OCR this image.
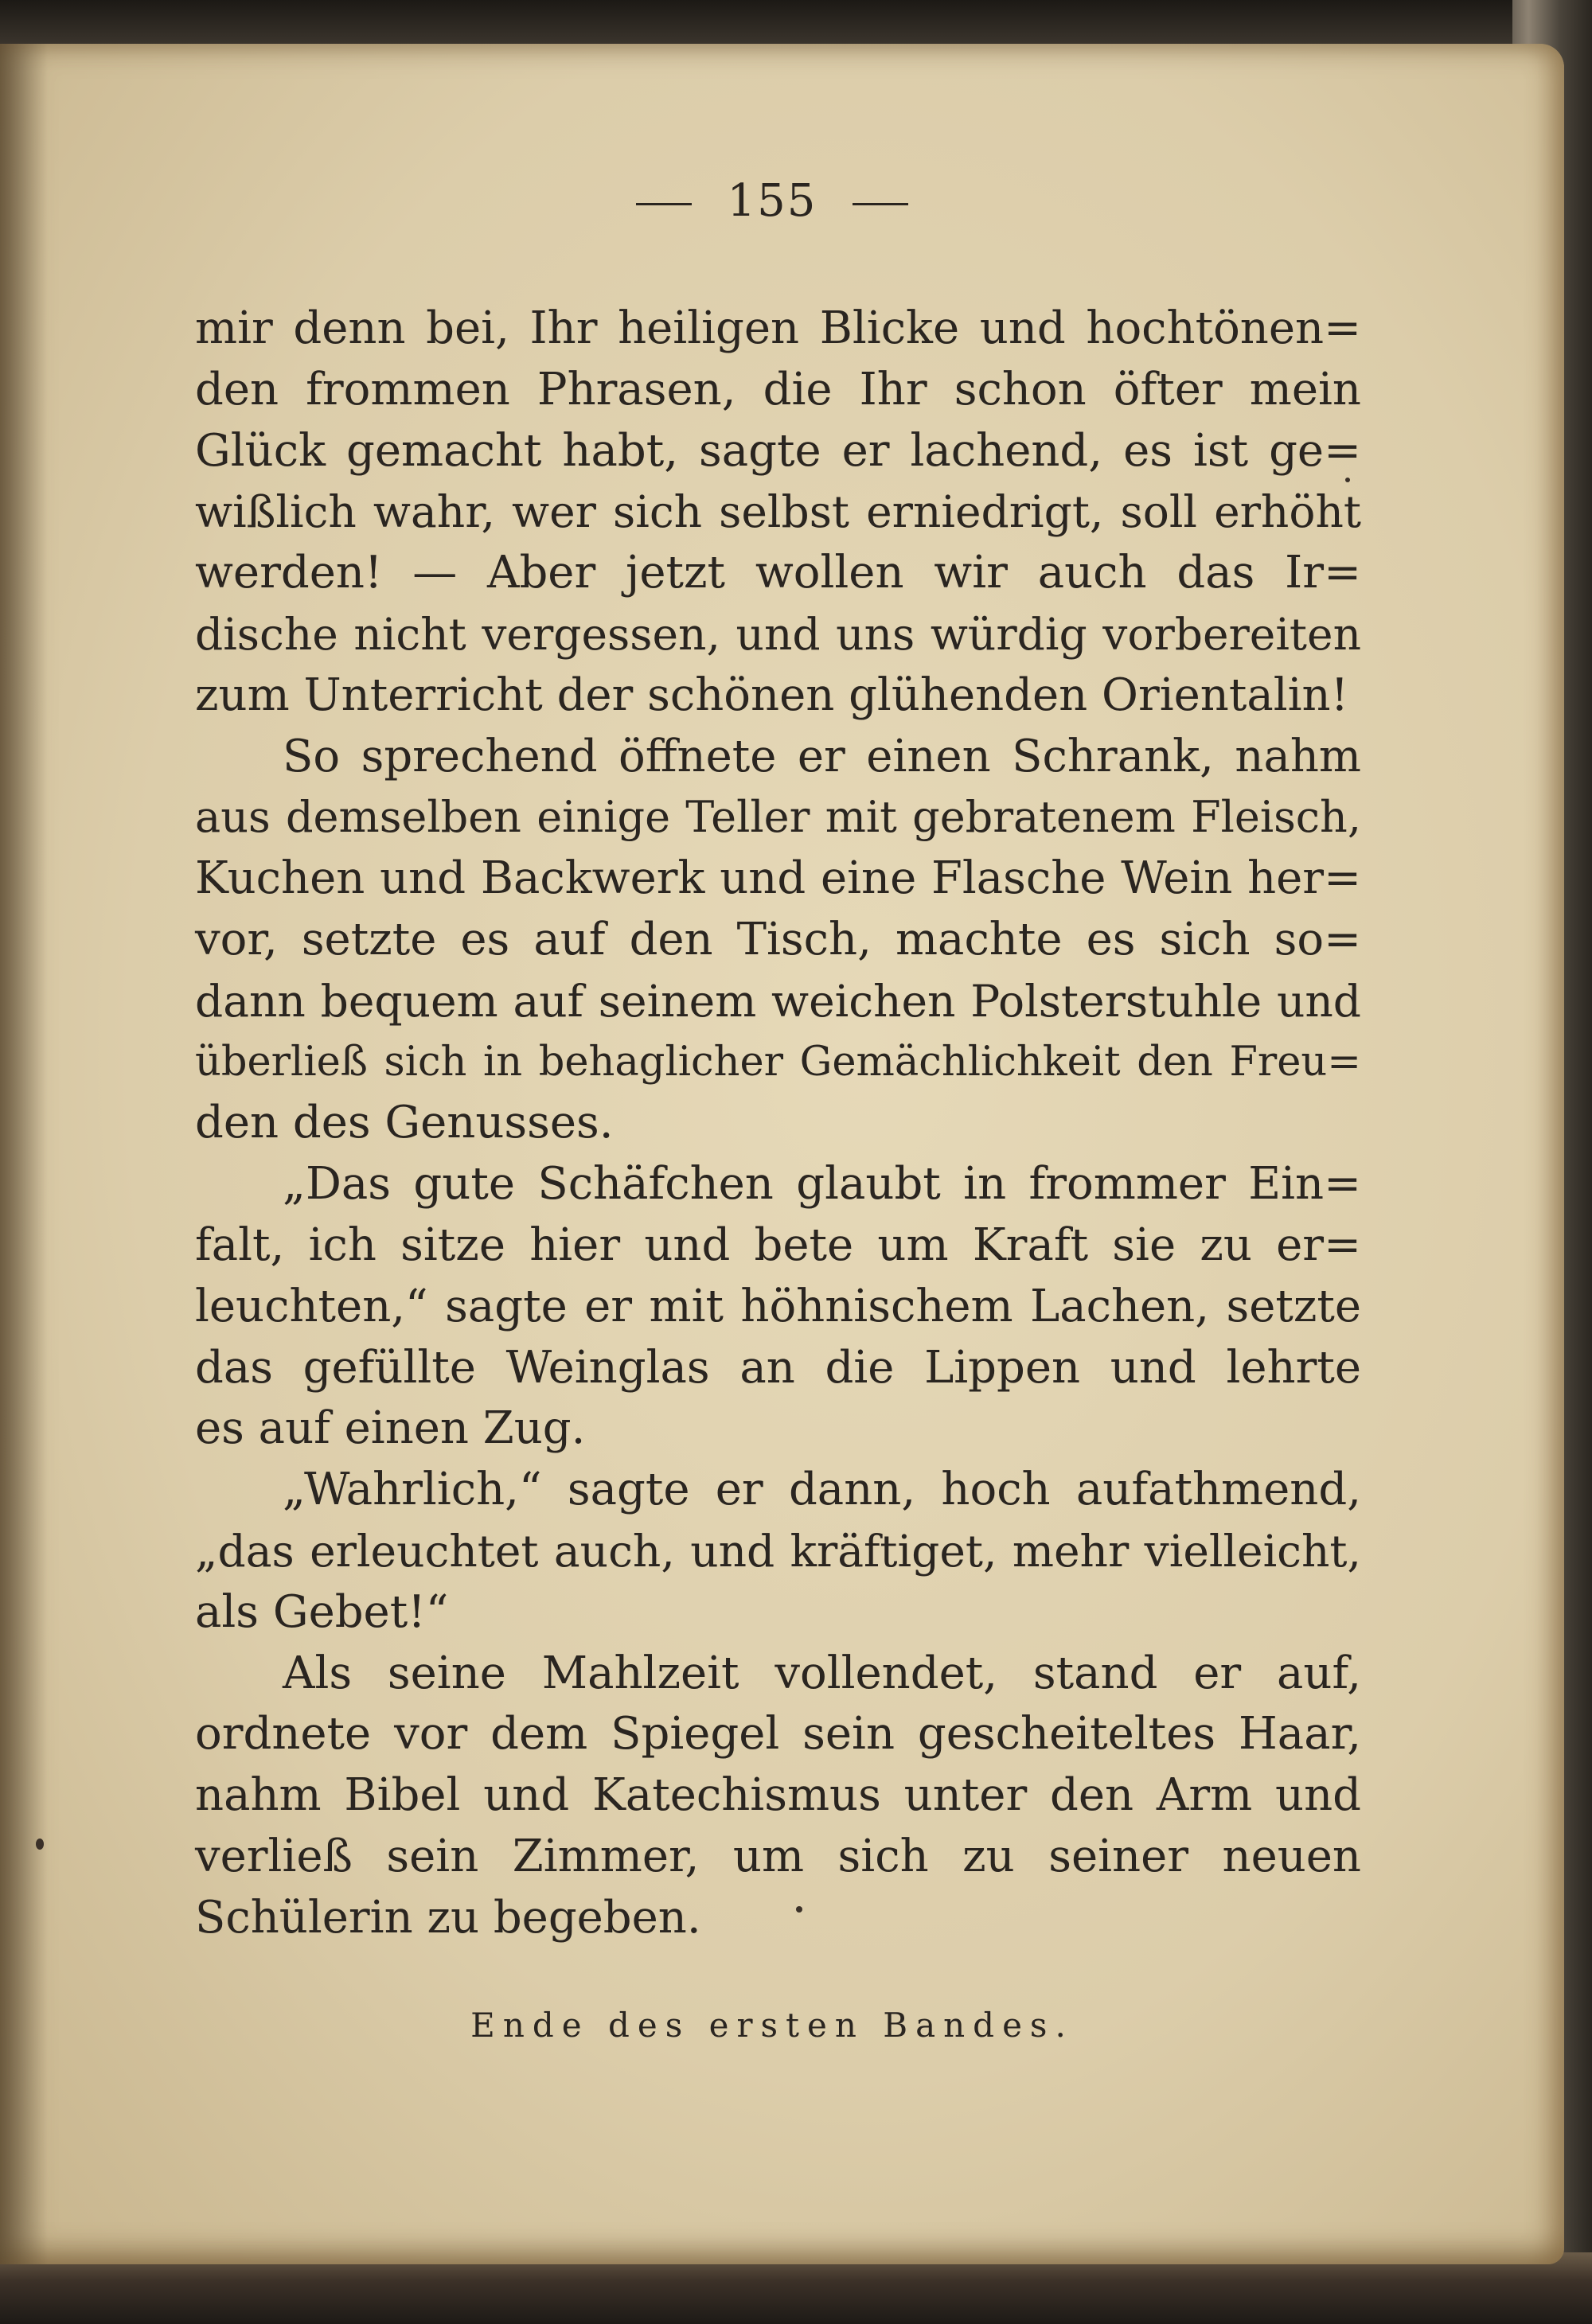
155
mir denn bei, Ihr heiligen Blicke und hochtönen=
den frommen Phrasen, die Ihr schon öfter mein
Glück gemacht habt, sagte er lachend, es ist ge=
wißlich wahr, wer sich selbst erniedrigt, soll erhöht
werden! — Aber jetzt wollen wir auch das Ir=
dische nicht vergessen, und uns würdig vorbereiten
zum Unterricht der schönen glühenden Orientalin!
So sprechend öffnete er einen Schrank, nahm
aus demselben einige Teller mit gebratenem Fleisch,
Kuchen und Backwerk und eine Flasche Wein her=
vor, setzte es auf den Tisch, machte es sich so=
dann bequem auf seinem weichen Polsterstuhle und
überließ sich in behaglicher Gemächlichkeit den Freu=
den des Genusses.
„Das gute Schäfchen glaubt in frommer Ein=
falt, ich sitze hier und bete um Kraft sie zu er=
leuchten,“ sagte er mit höhnischem Lachen, setzte
das gefüllte Weinglas an die Lippen und lehrte
es auf einen Zug.
„Wahrlich,“ sagte er dann, hoch aufathmend,
„das erleuchtet auch, und kräftiget, mehr vielleicht,
als Gebet!“
Als seine Mahlzeit vollendet, stand er auf,
ordnete vor dem Spiegel sein gescheiteltes Haar,
nahm Bibel und Katechismus unter den Arm und
verließ sein Zimmer, um sich zu seiner neuen
Schülerin zu begeben.
Ende des ersten Bandes.
